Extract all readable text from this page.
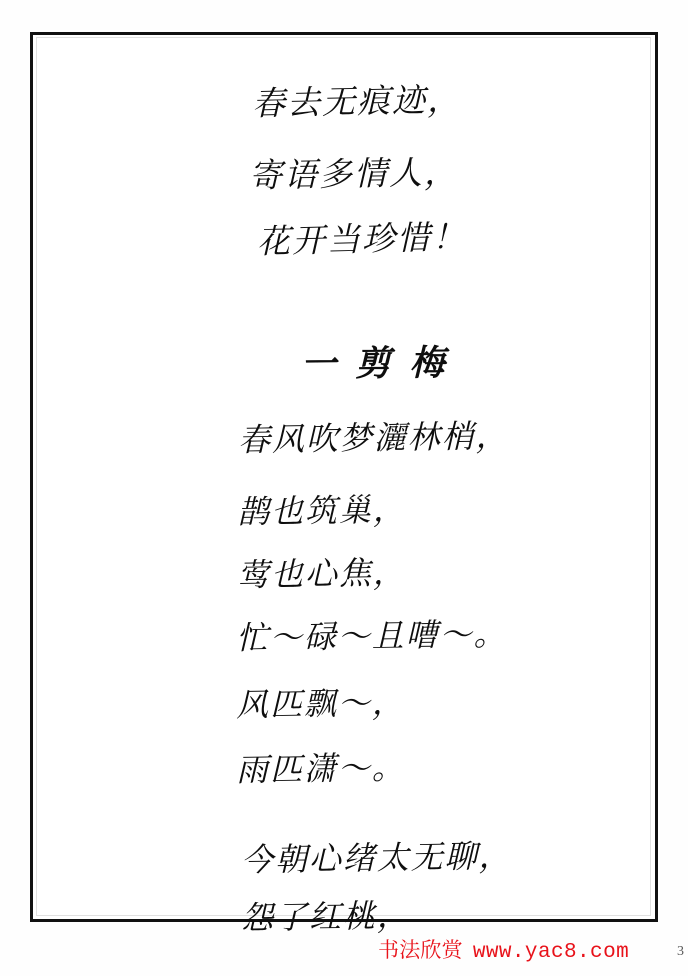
春去无痕迹，
寄语多情人，
花开当珍惜！
一剪梅
春风吹梦灑林梢，
鹊也筑巢，
莺也心焦，
忙〜碌〜且嘈〜。
风匹飘〜，
雨匹潇〜。
今朝心绪太无聊，
怨了红桃，
书法欣赏 www.yac8.com	3
